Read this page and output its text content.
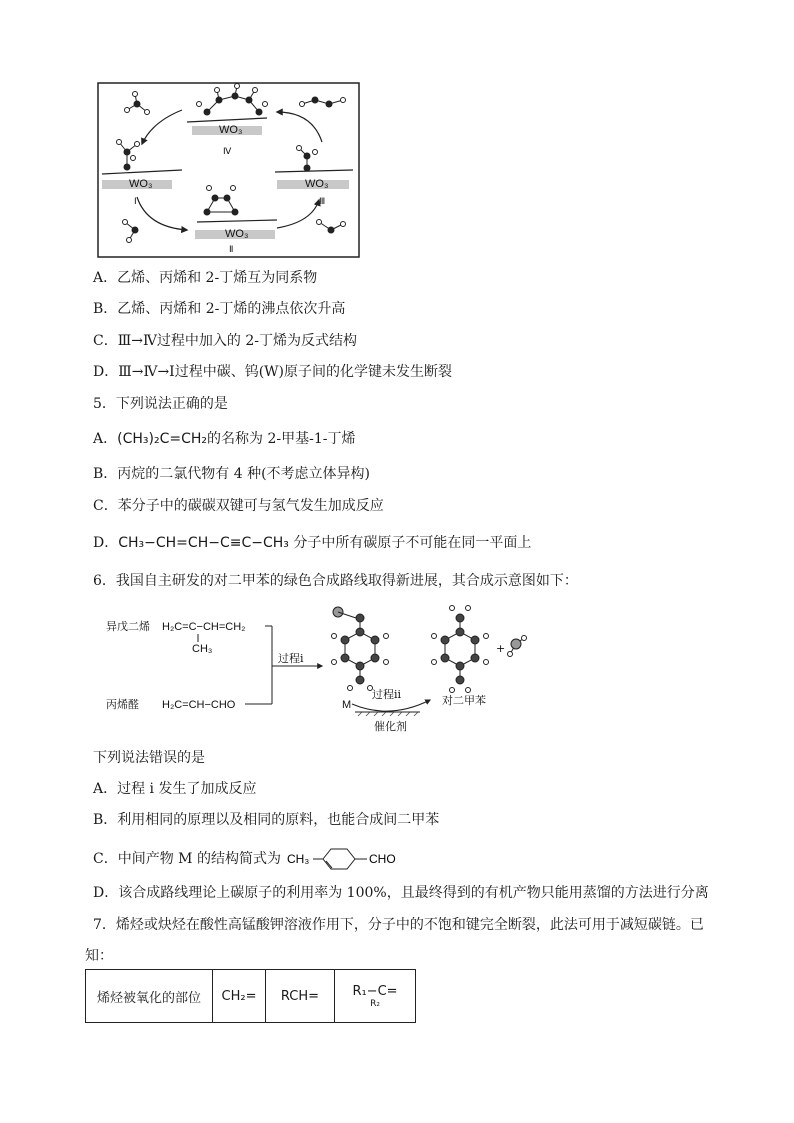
WO₃
WO₃	WO₃
WO₃
Ⅳ
Ⅰ	Ⅲ
Ⅱ
A．乙烯、丙烯和 2-丁烯互为同系物
B．乙烯、丙烯和 2-丁烯的沸点依次升高
C．Ⅲ→Ⅳ过程中加入的 2-丁烯为反式结构
D．Ⅲ→Ⅳ→Ⅰ过程中碳、钨(W)原子间的化学键未发生断裂
5．下列说法正确的是
A．(CH₃)₂C=CH₂的名称为 2-甲基-1-丁烯
B．丙烷的二氯代物有 4 种(不考虑立体异构)
C．苯分子中的碳碳双键可与氢气发生加成反应
D．CH₃−CH=CH−C≡C−CH₃ 分子中所有碳原子不可能在同一平面上
6．我国自主研发的对二甲苯的绿色合成路线取得新进展，其合成示意图如下：
异戊二烯 H₂C=C−CH=CH₂
CH₃
丙烯醛 H₂C=CH−CHO
过程i
过程ii
M
催化剂
对二甲苯
+
下列说法错误的是
A．过程 i 发生了加成反应
B．利用相同的原理以及相同的原料，也能合成间二甲苯
C．中间产物 M 的结构简式为 CH₃	CHO
D．该合成路线理论上碳原子的利用率为 100%，且最终得到的有机产物只能用蒸馏的方法进行分离
7．烯烃或炔烃在酸性高锰酸钾溶液作用下，分子中的不饱和键完全断裂，此法可用于减短碳链。已
知：
烯烃被氧化的部位	CH₂=	RCH=	R₁−C=
R₂
